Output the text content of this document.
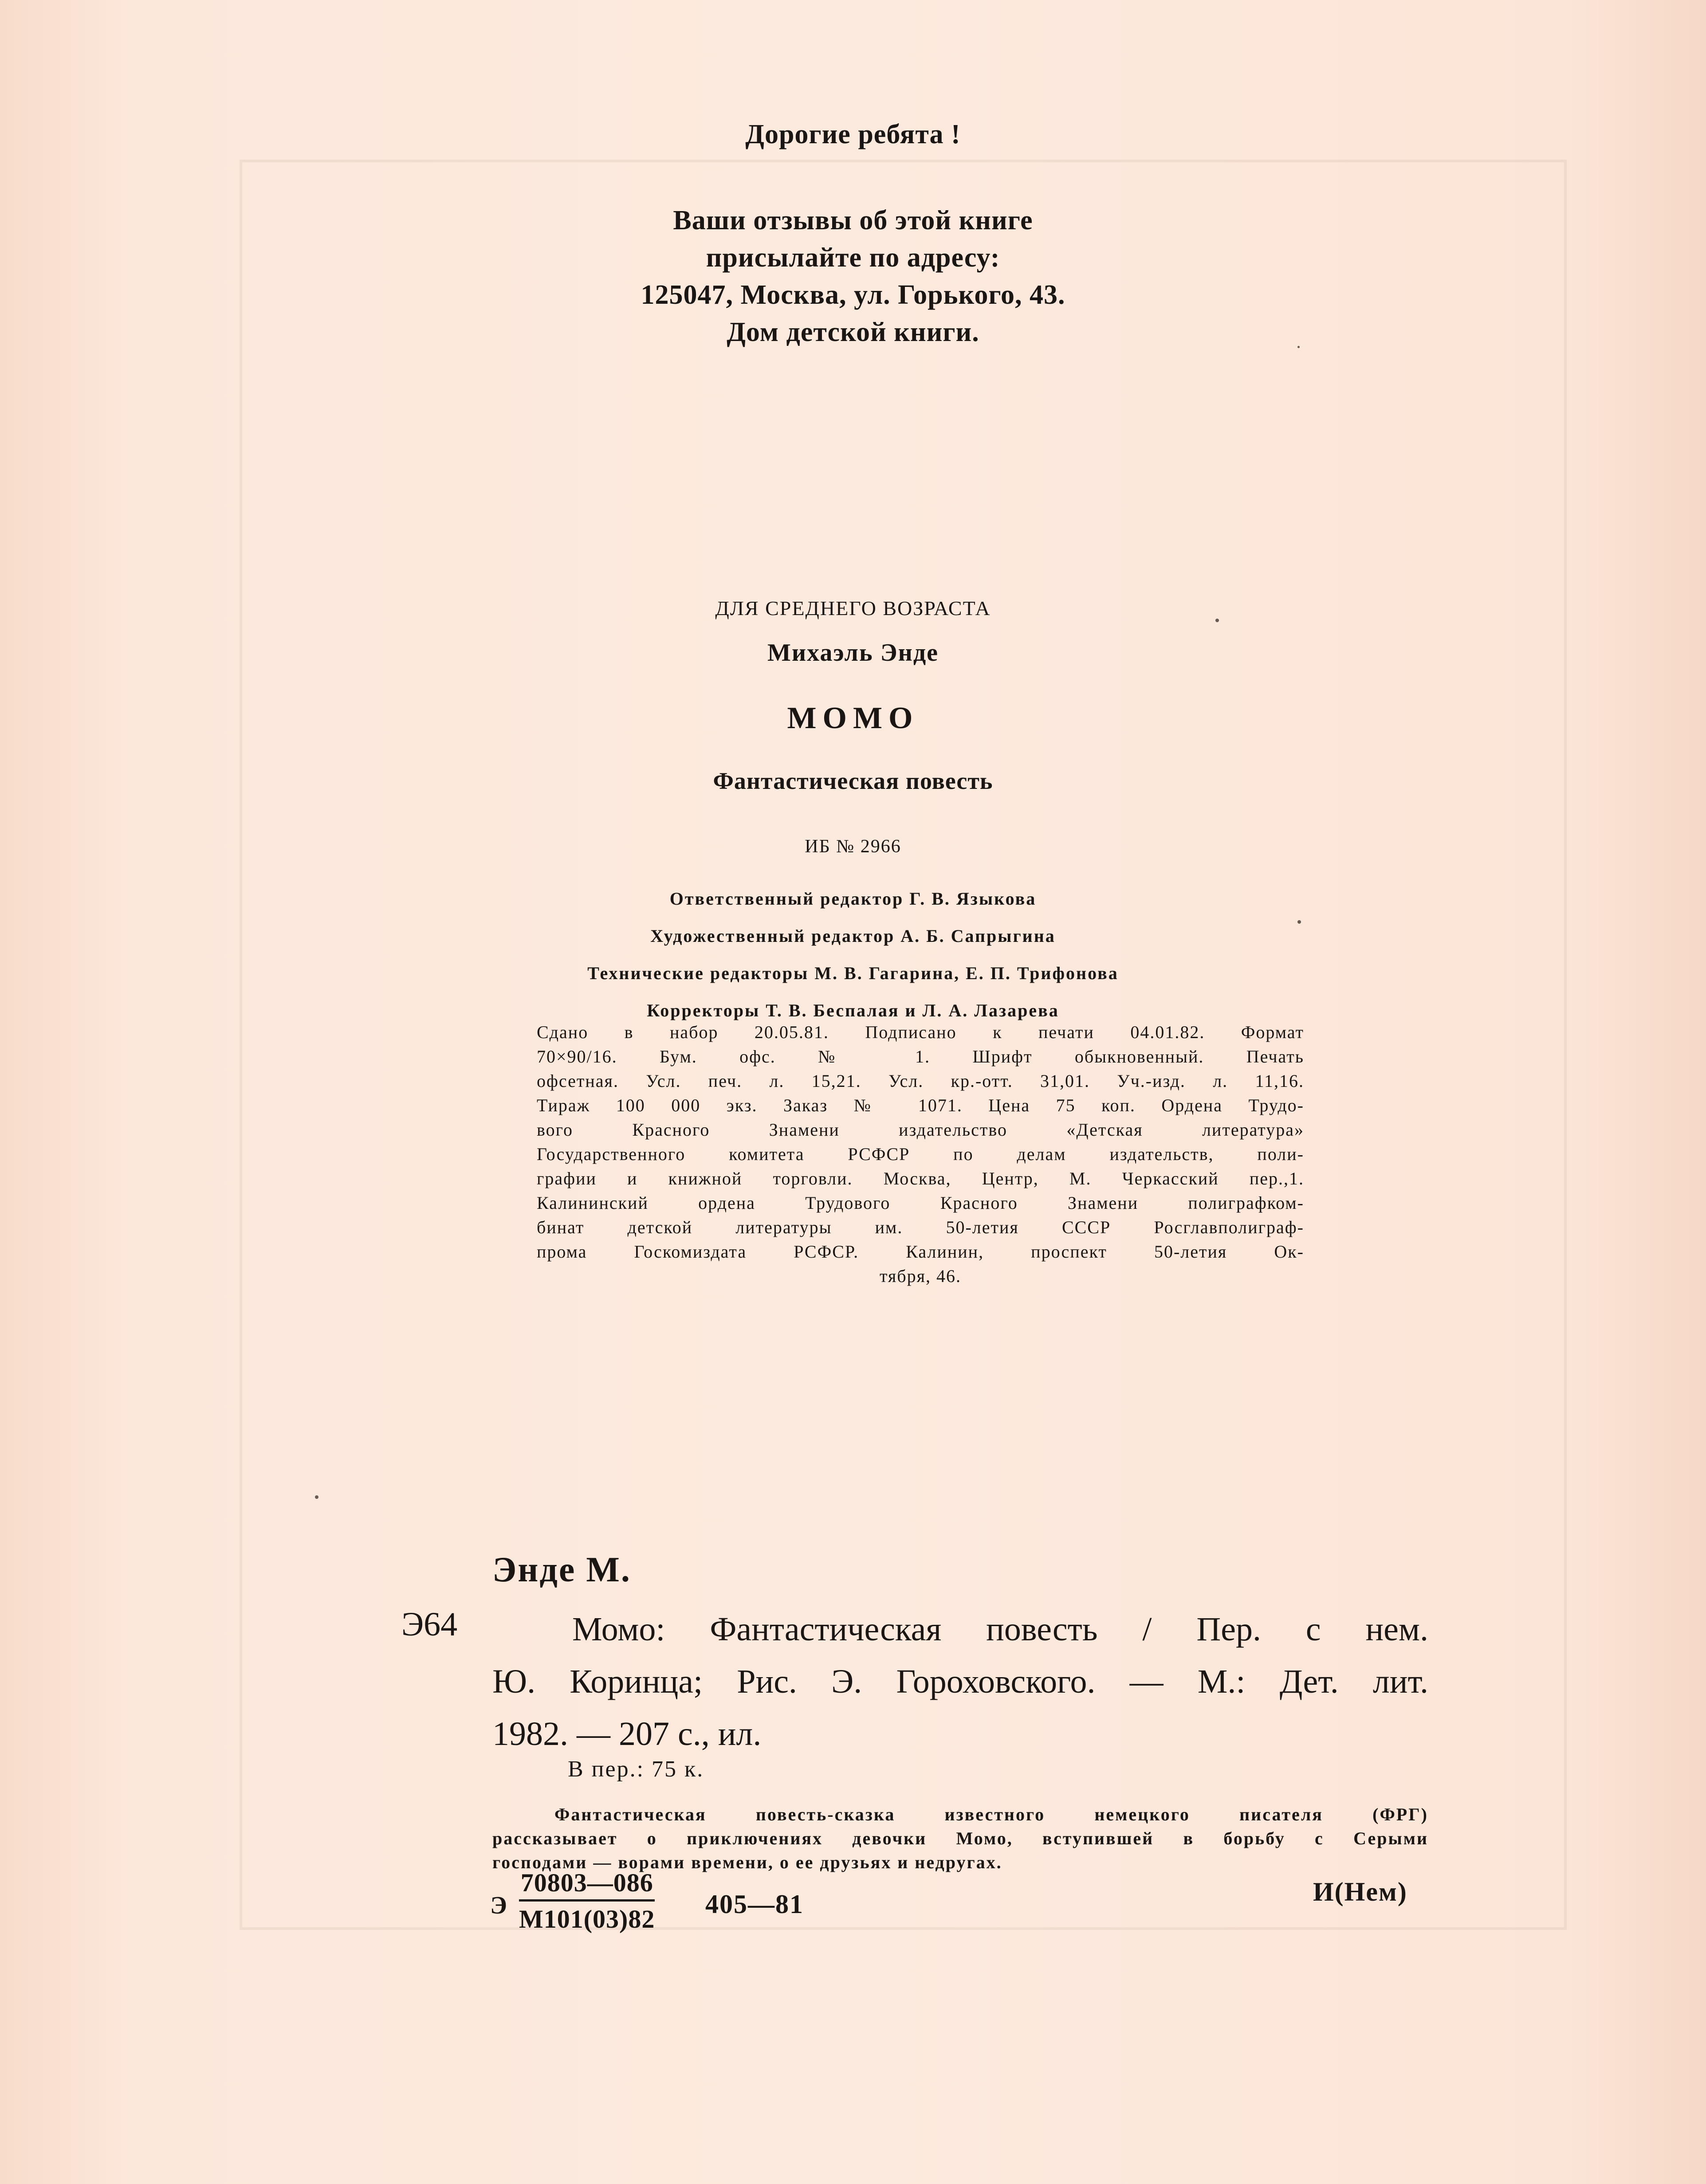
Дорогие ребята !
Ваши отзывы об этой книге
присылайте по адресу:
125047, Москва, ул. Горького, 43.
Дом детской книги.
ДЛЯ СРЕДНЕГО ВОЗРАСТА
Михаэль Энде
МОМО
Фантастическая повесть
ИБ № 2966
Ответственный редактор Г. В. Языкова
Художественный редактор А. Б. Сапрыгина
Технические редакторы М. В. Гагарина, Е. П. Трифонова
Корректоры Т. В. Беспалая и Л. А. Лазарева
Сдано в набор 20.05.81. Подписано к печати 04.01.82. Формат
70×90/16. Бум. офс. № 1. Шрифт обыкновенный. Печать
офсетная. Усл. печ. л. 15,21. Усл. кр.-отт. 31,01. Уч.-изд. л. 11,16.
Тираж 100 000 экз. Заказ № 1071. Цена 75 коп. Ордена Трудо-
вого Красного Знамени издательство «Детская литература»
Государственного комитета РСФСР по делам издательств, поли-
графии и книжной торговли. Москва, Центр, М. Черкасский пер.,1.
Калининский ордена Трудового Красного Знамени полиграфком-
бинат детской литературы им. 50-летия СССР Росглавполиграф-
прома Госкомиздата РСФСР. Калинин, проспект 50-летия Ок-
тября, 46.
Энде М.
Э64	Момо: Фантастическая повесть / Пер. с нем.
Ю. Коринца; Рис. Э. Гороховского. — М.: Дет. лит.
1982. — 207 с., ил.
В пер.: 75 к.
Фантастическая повесть-сказка известного немецкого писателя (ФРГ)
рассказывает о приключениях девочки Момо, вступившей в борьбу с Серыми
господами — ворами времени, о ее друзьях и недругах.
Э
70803—086
М101(03)82
405—81	И(Нем)
